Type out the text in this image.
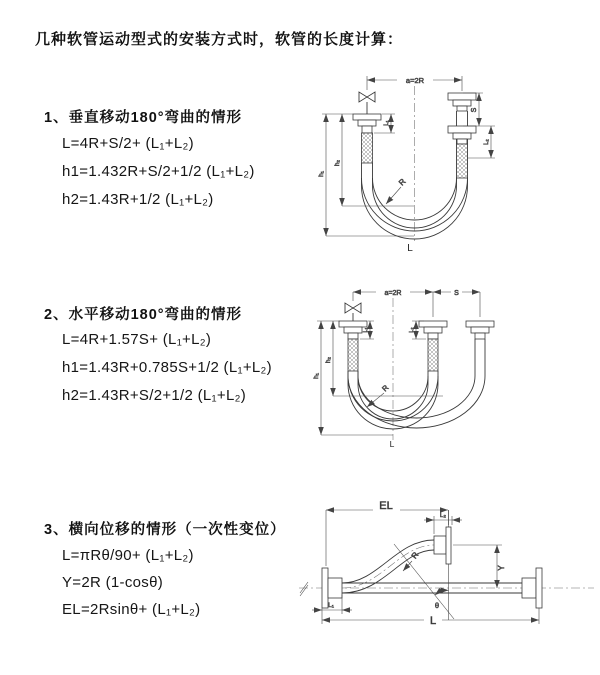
几种软管运动型式的安装方式时，软管的长度计算：
1、垂直移动180°弯曲的情形
L=4R+S/2+ (L₁+L₂)
h1=1.432R+S/2+1/2 (L₁+L₂)
h2=1.43R+1/2 (L₁+L₂)
a=2R
S
L₂
L₁
h₁
h₂
R
L
2、水平移动180°弯曲的情形
L=4R+1.57S+ (L₁+L₂)
h1=1.43R+0.785S+1/2 (L₁+L₂)
h2=1.43R+S/2+1/2 (L₁+L₂)
a=2R	S
L₁	L₂
h₁
h₂
R
L
3、横向位移的情形（一次性变位）
L=πRθ/90+ (L₁+L₂)
Y=2R (1-cosθ)
EL=2Rsinθ+ (L₁+L₂)
EL
L₂
Y
R
θ
L₁
L
